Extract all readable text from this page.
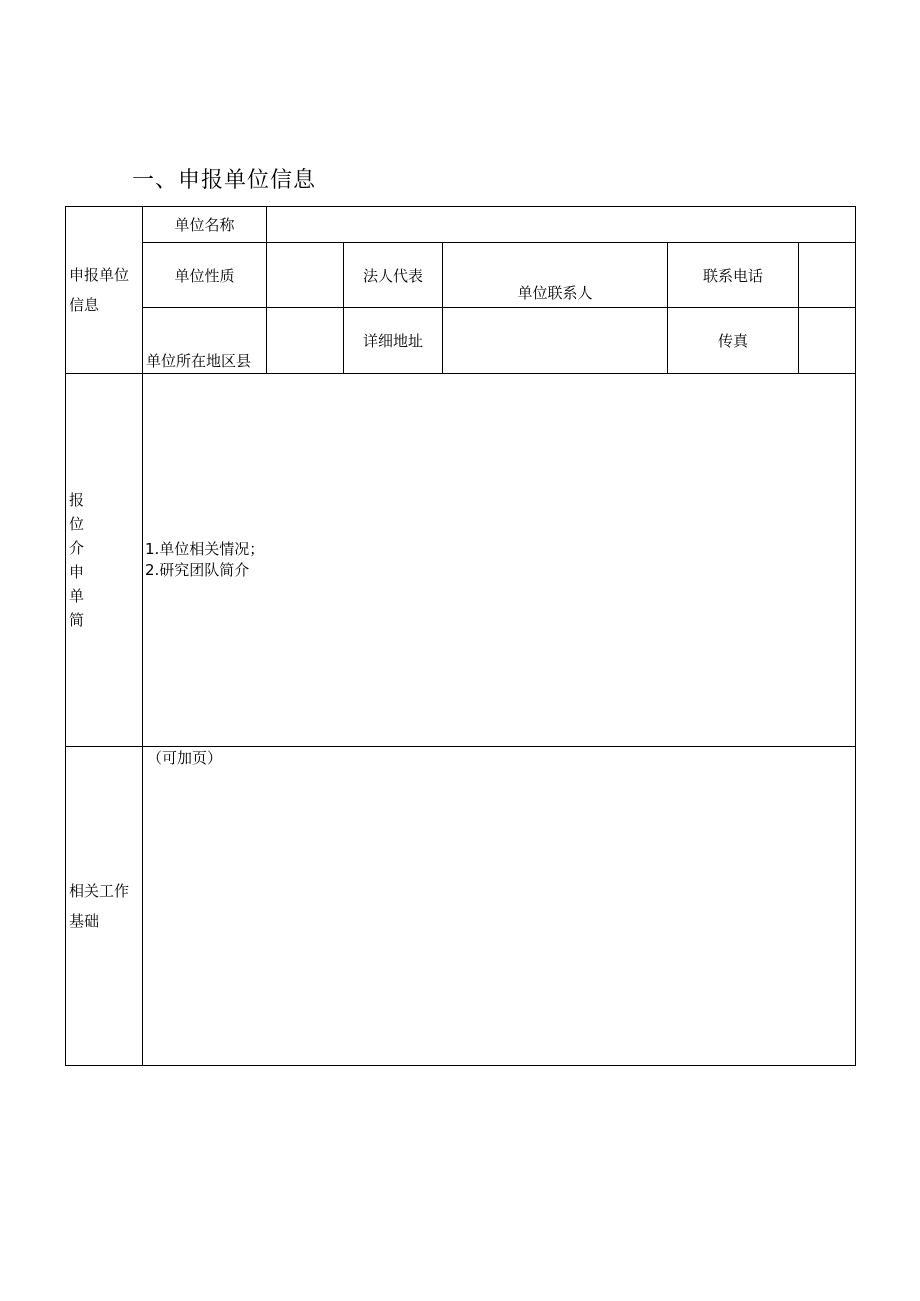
一、申报单位信息
申报单位信息	单位名称					
	单位性质		法人代表	单位联系人	联系电话	
	单位所在地区县		详细地址		传真	

报位介申单简	1.单位相关情况；
2.研究团队简介					

相关工作基础	（可加页）					
